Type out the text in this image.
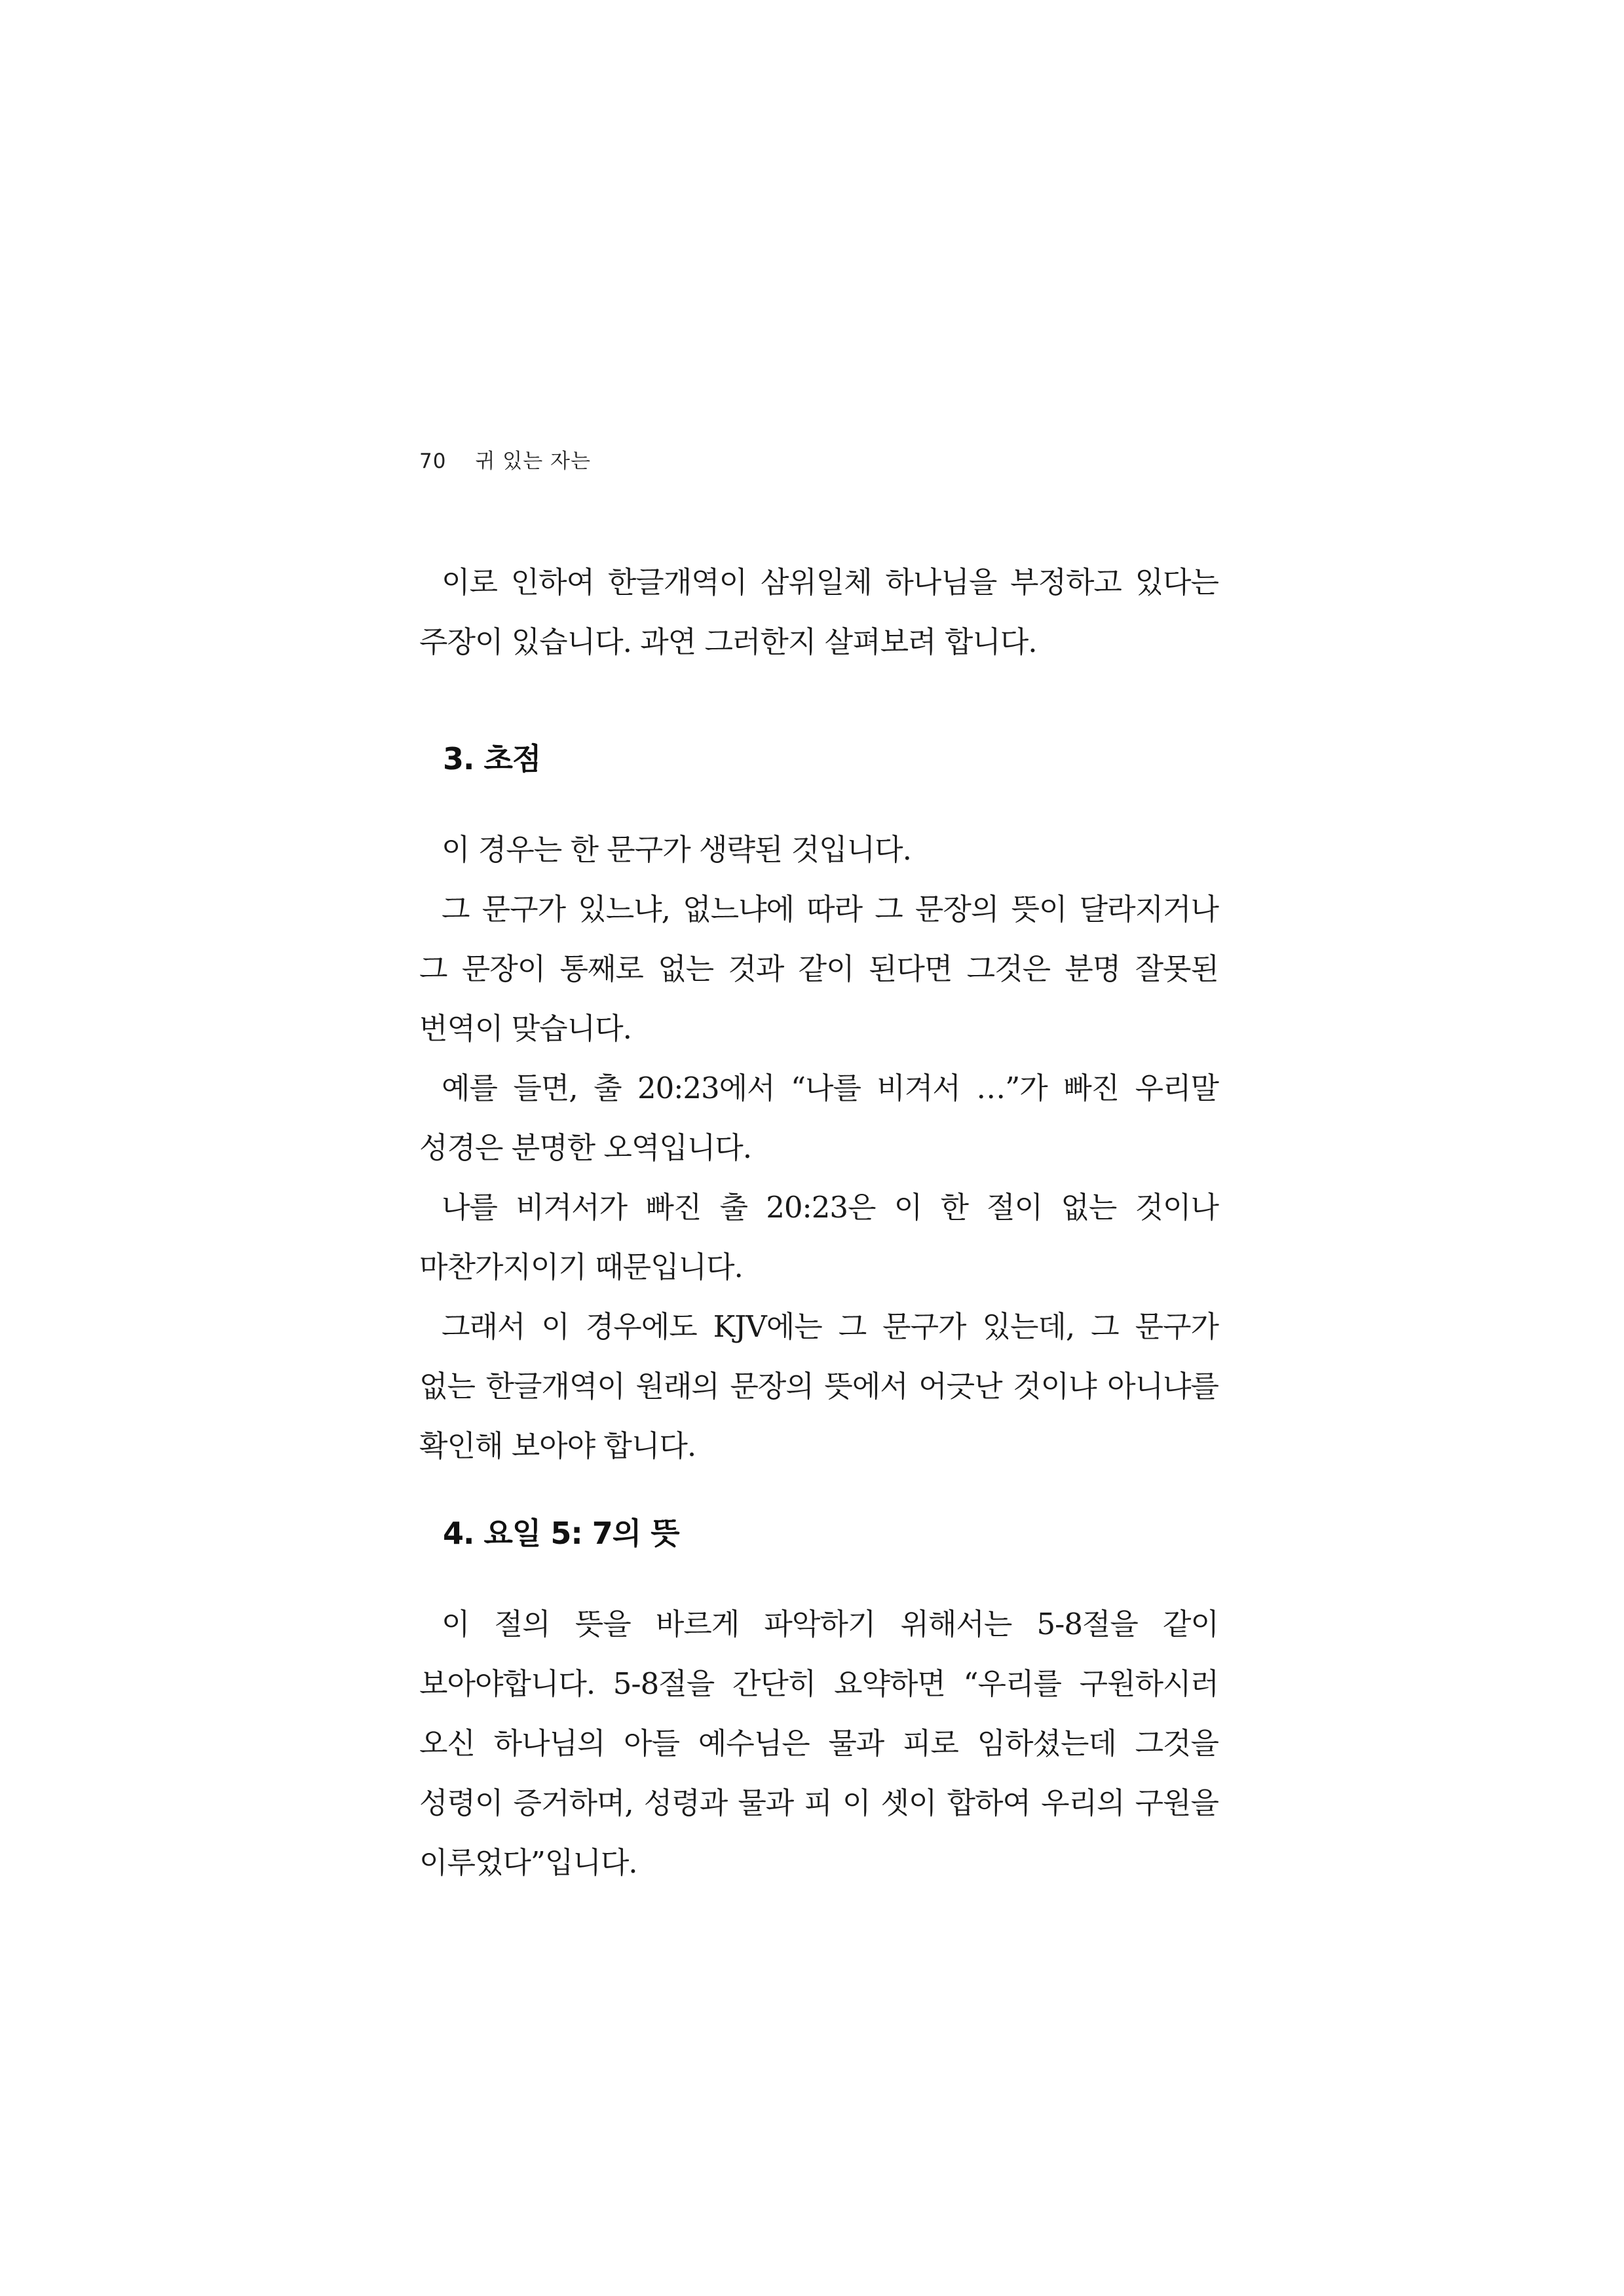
70 귀 있는 자는

이로 인하여 한글개역이 삼위일체 하나님을 부정하고 있다는 주장이 있습니다. 과연 그러한지 살펴보려 합니다.

3. 초점

이 경우는 한 문구가 생략된 것입니다.

그 문구가 있느냐, 없느냐에 따라 그 문장의 뜻이 달라지거나 그 문장이 통째로 없는 것과 같이 된다면 그것은 분명 잘못된 번역이 맞습니다.

예를 들면, 출 20:23에서 “나를 비겨서 …”가 빠진 우리말 성경은 분명한 오역입니다.

나를 비겨서가 빠진 출 20:23은 이 한 절이 없는 것이나 마찬가지이기 때문입니다.

그래서 이 경우에도 KJV에는 그 문구가 있는데, 그 문구가 없는 한글개역이 원래의 문장의 뜻에서 어긋난 것이냐 아니냐를 확인해 보아야 합니다.

4. 요일 5: 7의 뜻

이 절의 뜻을 바르게 파악하기 위해서는 5-8절을 같이 보아야합니다. 5-8절을 간단히 요약하면 “우리를 구원하시러 오신 하나님의 아들 예수님은 물과 피로 임하셨는데 그것을 성령이 증거하며, 성령과 물과 피 이 셋이 합하여 우리의 구원을 이루었다”입니다.
